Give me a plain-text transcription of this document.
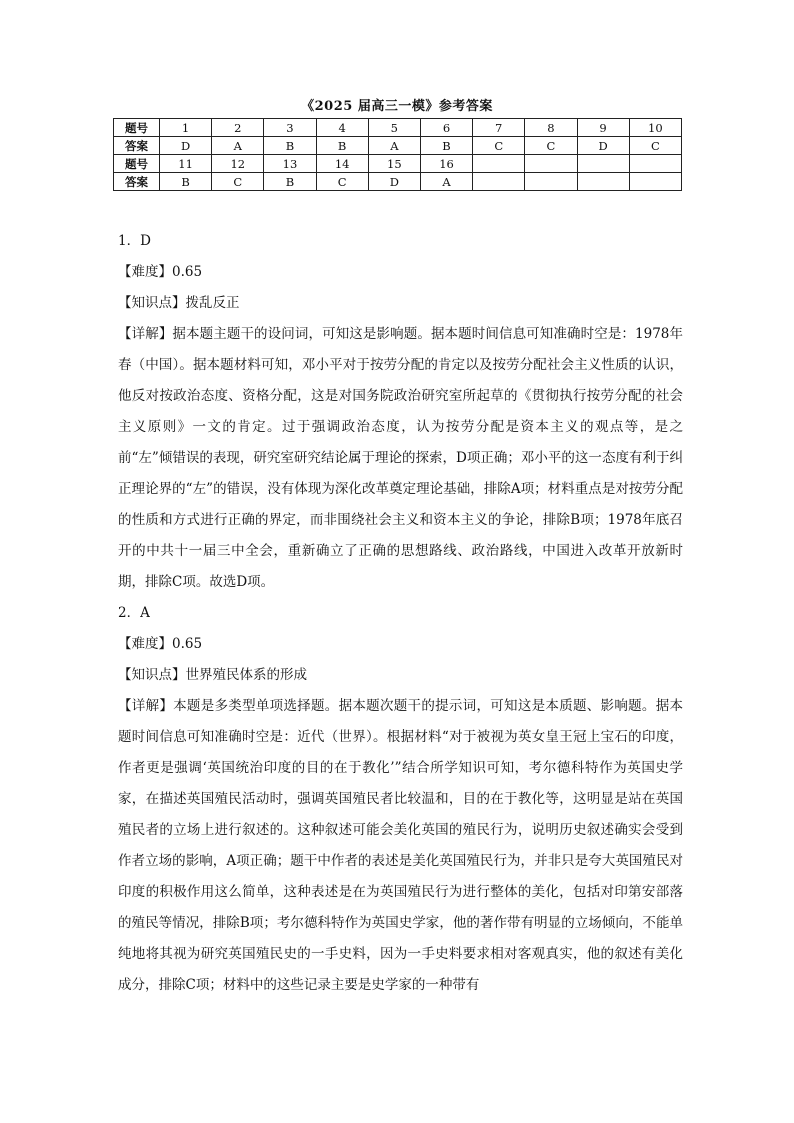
《2025 届高三一模》参考答案
题号	1	2	3	4	5	6	7	8	9	10
答案	D	A	B	B	A	B	C	C	D	C
题号	11	12	13	14	15	16				
答案	B	C	B	C	D	A				

1．D

【难度】0.65

【知识点】拨乱反正

【详解】据本题主题干的设问词，可知这是影响题。据本题时间信息可知准确时空是：1978年春（中国）。据本题材料可知，邓小平对于按劳分配的肯定以及按劳分配社会主义性质的认识，他反对按政治态度、资格分配，这是对国务院政治研究室所起草的《贯彻执行按劳分配的社会主义原则》一文的肯定。过于强调政治态度，认为按劳分配是资本主义的观点等，是之前“左”倾错误的表现，研究室研究结论属于理论的探索，D项正确；邓小平的这一态度有利于纠正理论界的“左”的错误，没有体现为深化改革奠定理论基础，排除A项；材料重点是对按劳分配的性质和方式进行正确的界定，而非围绕社会主义和资本主义的争论，排除B项；1978年底召开的中共十一届三中全会，重新确立了正确的思想路线、政治路线，中国进入改革开放新时期，排除C项。故选D项。

2．A

【难度】0.65

【知识点】世界殖民体系的形成

【详解】本题是多类型单项选择题。据本题次题干的提示词，可知这是本质题、影响题。据本题时间信息可知准确时空是：近代（世界）。根据材料“对于被视为英女皇王冠上宝石的印度，作者更是强调‘英国统治印度的目的在于教化’”结合所学知识可知，考尔德科特作为英国史学家，在描述英国殖民活动时，强调英国殖民者比较温和，目的在于教化等，这明显是站在英国殖民者的立场上进行叙述的。这种叙述可能会美化英国的殖民行为，说明历史叙述确实会受到作者立场的影响，A项正确；题干中作者的表述是美化英国殖民行为，并非只是夸大英国殖民对印度的积极作用这么简单，这种表述是在为英国殖民行为进行整体的美化，包括对印第安部落的殖民等情况，排除B项；考尔德科特作为英国史学家，他的著作带有明显的立场倾向，不能单纯地将其视为研究英国殖民史的一手史料，因为一手史料要求相对客观真实，他的叙述有美化成分，排除C项；材料中的这些记录主要是史学家的一种带有
